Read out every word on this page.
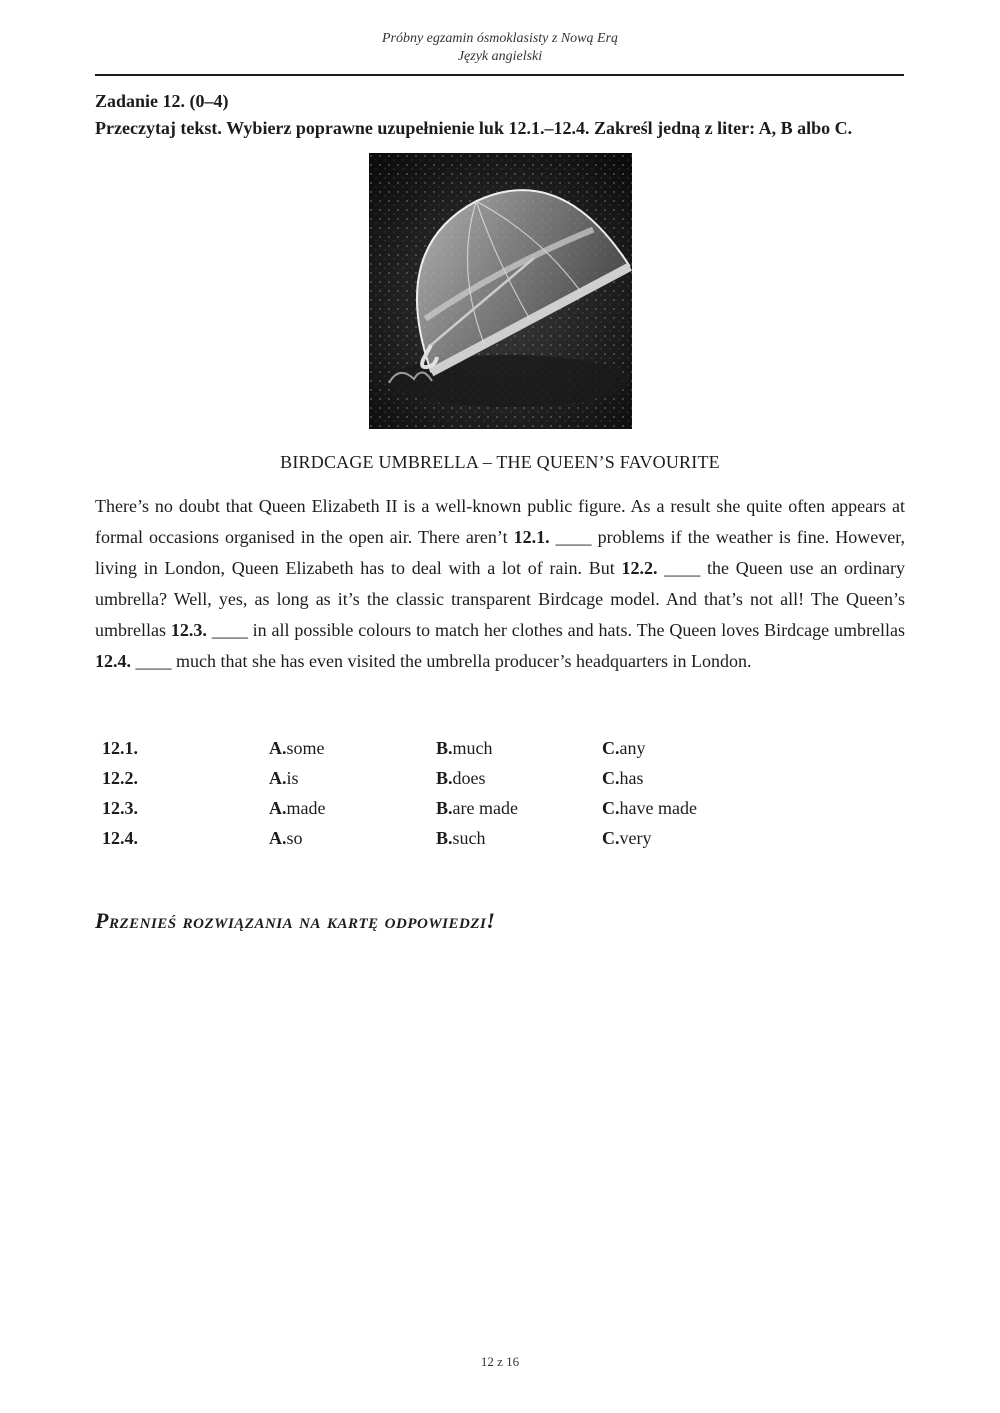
Próbny egzamin ósmoklasisty z Nową Erą
Język angielski
Zadanie 12. (0–4)
Przeczytaj tekst. Wybierz poprawne uzupełnienie luk 12.1.–12.4. Zakreśl jedną z liter: A, B albo C.
BIRDCAGE UMBRELLA – THE QUEEN’S FAVOURITE

There’s no doubt that Queen Elizabeth II is a well-known public figure. As a result she quite often appears at formal occasions organised in the open air. There aren’t 12.1. ____ problems if the weather is fine. However, living in London, Queen Elizabeth has to deal with a lot of rain. But 12.2. ____ the Queen use an ordinary umbrella? Well, yes, as long as it’s the classic transparent Birdcage model. And that’s not all! The Queen’s umbrellas 12.3. ____ in all possible colours to match her clothes and hats. The Queen loves Birdcage umbrellas 12.4. ____ much that she has even visited the umbrella producer’s headquarters in London.

12.1.	A. some	B. much	C. any
12.2.	A. is	B. does	C. has
12.3.	A. made	B. are made	C. have made
12.4.	A. so	B. such	C. very
Przenieś rozwiązania na kartę odpowiedzi!
12 z 16
